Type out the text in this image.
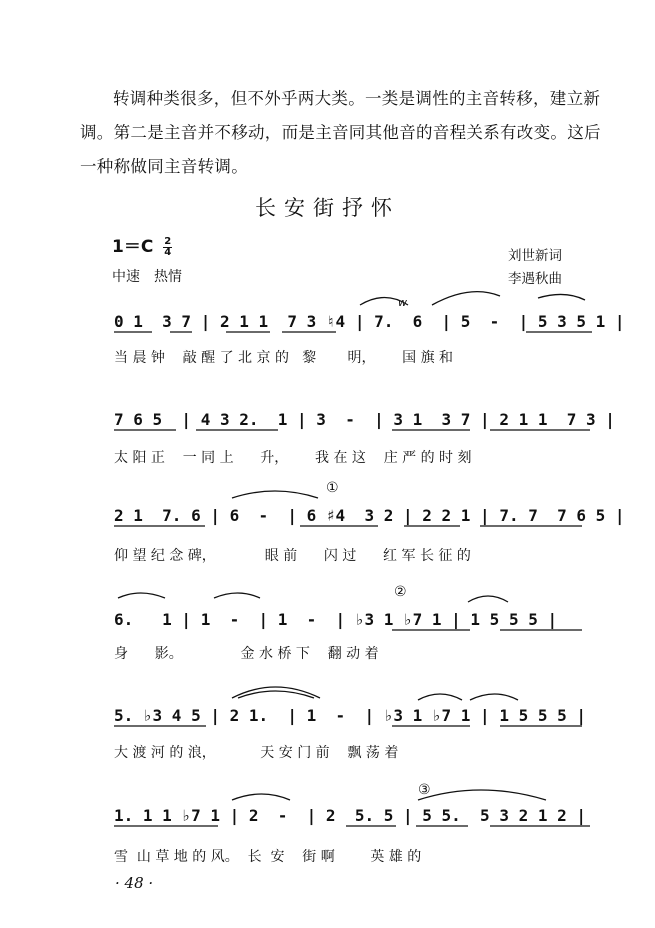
转调种类很多，但不外乎两大类。一类是调性的主音转移，建立新调。第二是主音并不移动，而是主音同其他音的音程关系有改变。这后一种称做同主音转调。
长安街抒怀
$1=C \frac{2}{4}$
中速　热情
刘世新词
李遇秋曲
0 1  3 7 | 2 1 1  7 3 ♮4 | 7.  6  | 5  -  | 5 3 5 1 |
当 晨 钟    敲 醒 了 北 京 的   黎       明，      国 旗 和
7 6 5  | 4 3 2.  1 | 3  -  | 3 1  3 7 | 2 1 1  7 3 |
太 阳 正    一 同 上      升，      我 在 这    庄 严 的 时 刻
2 1  7. 6 | 6  -  | 6 ♯4  3 2 | 2 2 1 | 7. 7  7 6 5 |
仰 望 纪 念 碑，           眼 前      闪 过      红 军 长 征 的
6.   1 | 1  -  | 1  -  | ♭3 1 ♭7 1 | 1 5 5 5 |
身      影。             金 水 桥 下    翻 动 着
5. ♭3 4 5 | 2 1.  | 1  -  | ♭3 1 ♭7 1 | 1 5 5 5 |
大 渡 河 的 浪，          天 安 门 前    飘 荡 着
1. 1 1 ♭7 1 | 2  -  | 2  5. 5 | 5 5.  5 3 2 1 2 |
雪  山 草 地 的 风。  长  安    街 啊        英 雄 的
①
②
③
w
· 48 ·
